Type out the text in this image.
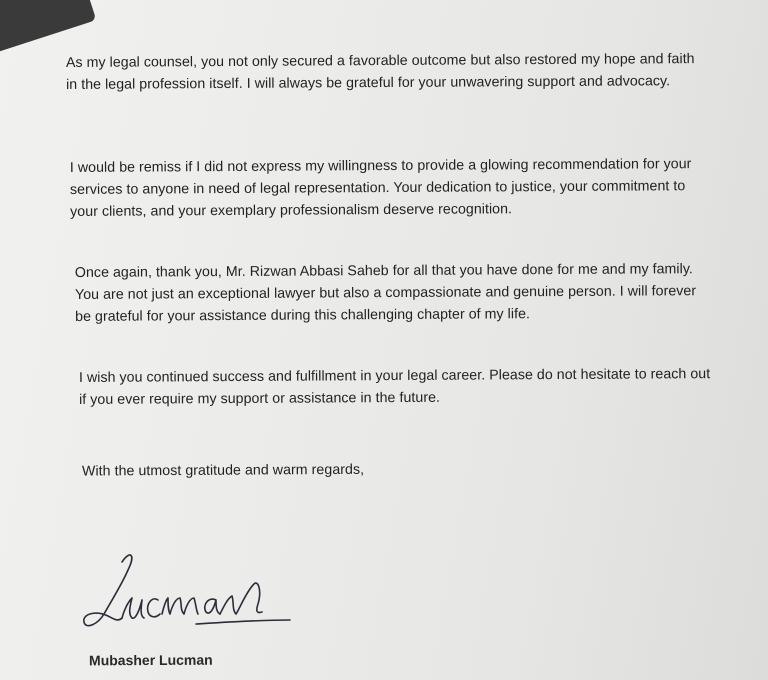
As my legal counsel, you not only secured a favorable outcome but also restored my hope and faith in the legal profession itself. I will always be grateful for your unwavering support and advocacy.
I would be remiss if I did not express my willingness to provide a glowing recommendation for your services to anyone in need of legal representation. Your dedication to justice, your commitment to your clients, and your exemplary professionalism deserve recognition.
Once again, thank you, Mr. Rizwan Abbasi Saheb for all that you have done for me and my family. You are not just an exceptional lawyer but also a compassionate and genuine person. I will forever be grateful for your assistance during this challenging chapter of my life.
I wish you continued success and fulfillment in your legal career. Please do not hesitate to reach out if you ever require my support or assistance in the future.
With the utmost gratitude and warm regards,
Mubasher Lucman
